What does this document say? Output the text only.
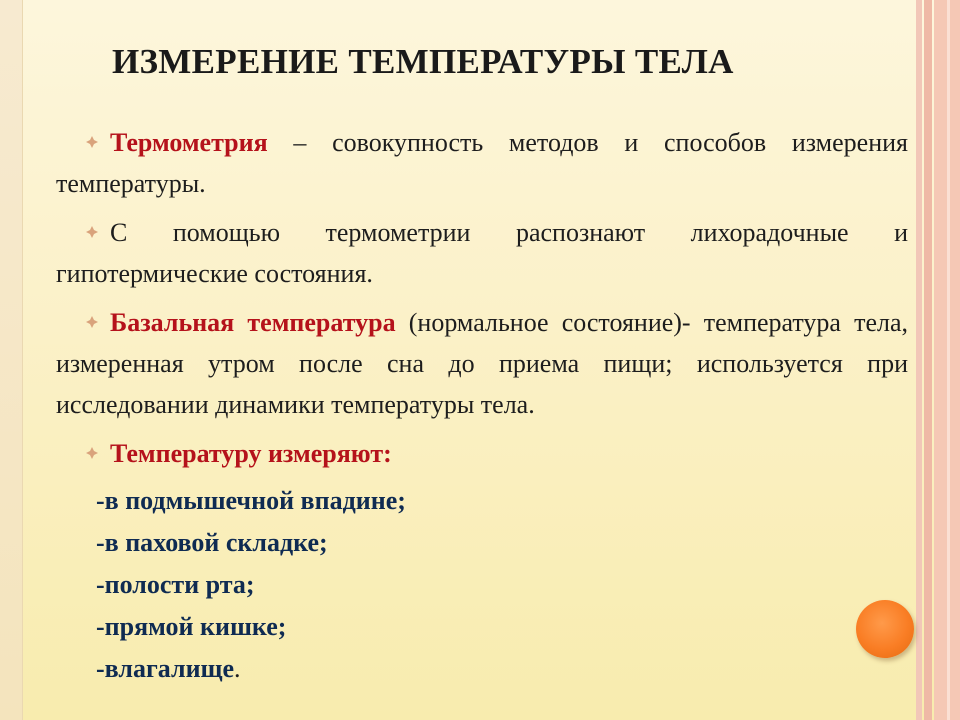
ИЗМЕРЕНИЕ ТЕМПЕРАТУРЫ ТЕЛА

Термометрия – совокупность методов и способов измерения температуры.

С помощью термометрии распознают лихорадочные и гипотермические состояния.

Базальная температура (нормальное состояние)- температура тела, измеренная утром после сна до приема пищи; используется при исследовании динамики температуры тела.

Температуру измеряют:

-в подмышечной впадине;

-в паховой складке;

-полости рта;

-прямой кишке;

-влагалище.
